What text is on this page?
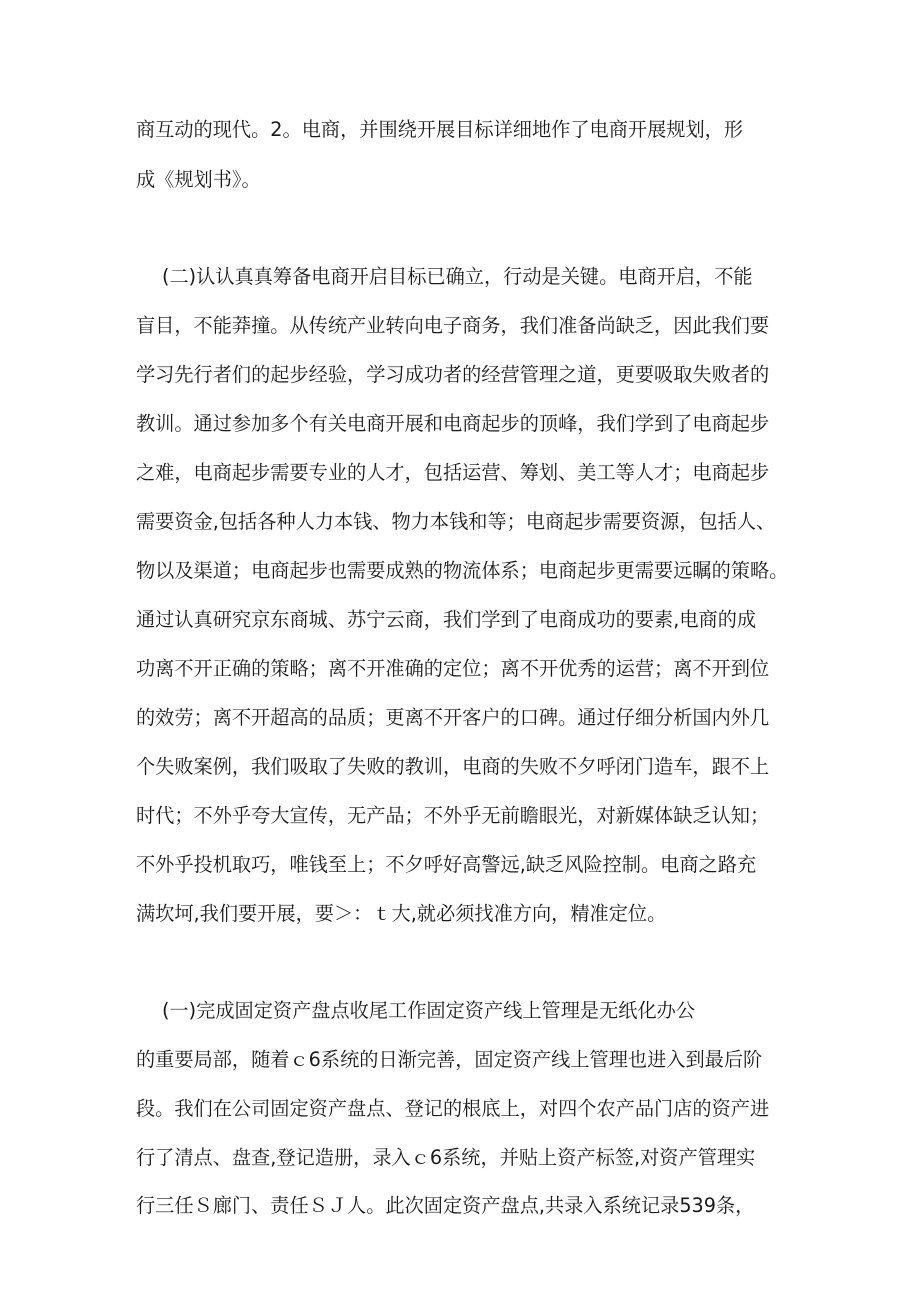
商互动的现代。2。电商，并围绕开展目标详细地作了电商开展规划，形
成《规划书》。
(二)认认真真筹备电商开启目标已确立，行动是关键。电商开启，不能
盲目，不能莽撞。从传统产业转向电子商务，我们准备尚缺乏，因此我们要
学习先行者们的起步经验，学习成功者的经营管理之道，更要吸取失败者的
教训。通过参加多个有关电商开展和电商起步的顶峰，我们学到了电商起步
之难，电商起步需要专业的人才，包括运营、筹划、美工等人才；电商起步
需要资金,包括各种人力本钱、物力本钱和等；电商起步需要资源，包括人、
物以及渠道；电商起步也需要成熟的物流体系；电商起步更需要远瞩的策略。
通过认真研究京东商城、苏宁云商，我们学到了电商成功的要素,电商的成
功离不开正确的策略；离不开准确的定位；离不开优秀的运营；离不开到位
的效劳；离不开超高的品质；更离不开客户的口碑。通过仔细分析国内外几
个失败案例，我们吸取了失败的教训，电商的失败不夕呼闭门造车，跟不上
时代；不外乎夸大宣传，无产品；不外乎无前瞻眼光，对新媒体缺乏认知；
不外乎投机取巧，唯钱至上；不夕呼好高警远,缺乏风险控制。电商之路充
满坎坷,我们要开展，要＞：ｔ大,就必须找准方向，精准定位。
(一)完成固定资产盘点收尾工作固定资产线上管理是无纸化办公
的重要局部，随着ｃ6系统的日渐完善，固定资产线上管理也进入到最后阶
段。我们在公司固定资产盘点、登记的根底上，对四个农产品门店的资产进
行了清点、盘查,登记造册，录入ｃ6系统，并贴上资产标签,对资产管理实
行三任Ｓ廊门、责任ＳＪ人。此次固定资产盘点,共录入系统记录539条，
